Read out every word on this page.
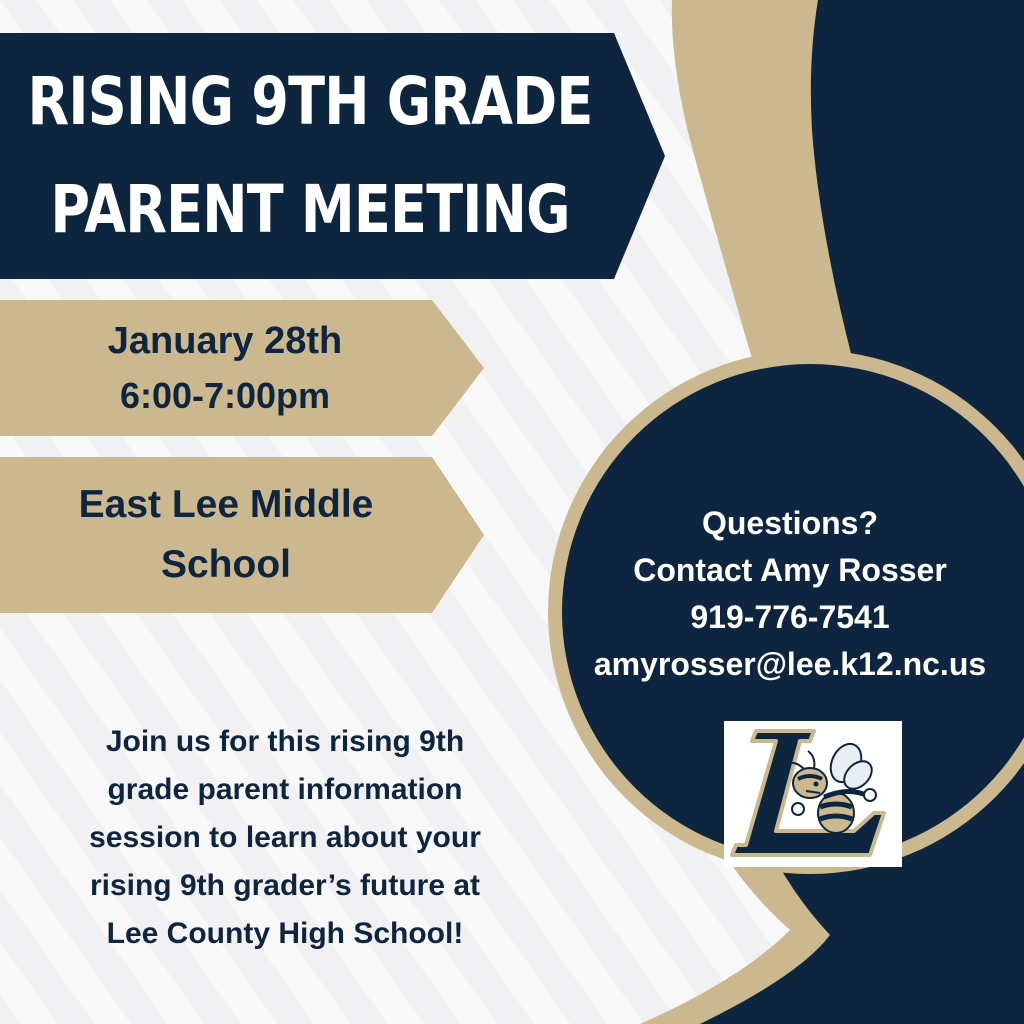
RISING 9TH GRADE
PARENT MEETING
January 28th
6:00-7:00pm
East Lee Middle
School
Join us for this rising 9th
grade parent information
session to learn about your
rising 9th grader’s future at
Lee County High School!
Questions?
Contact Amy Rosser
919-776-7541
amyrosser@lee.k12.nc.us
